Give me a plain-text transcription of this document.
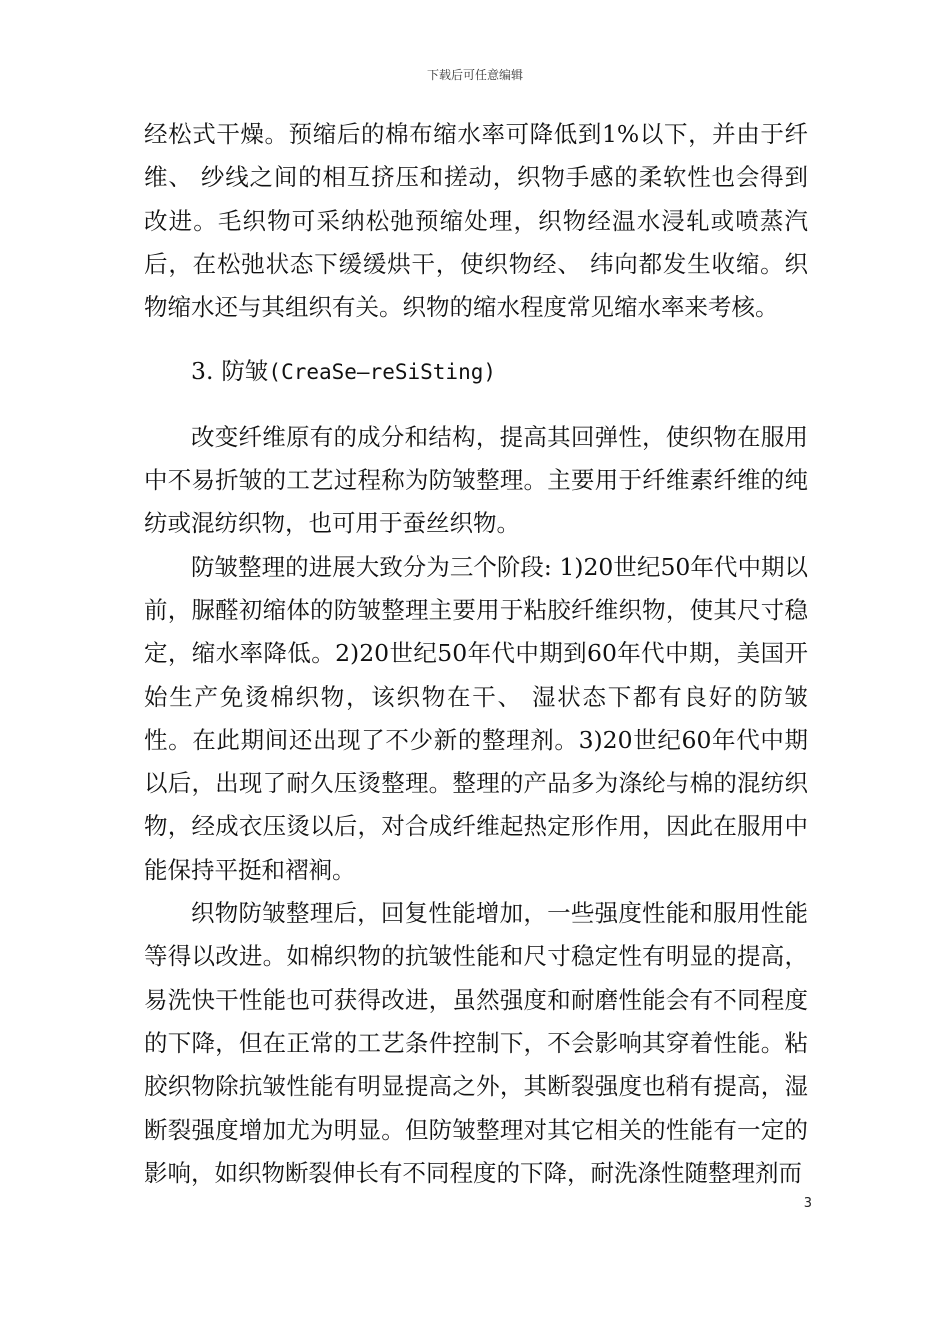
下载后可任意编辑

经松式干燥。预缩后的棉布缩水率可降低到1%以下，并由于纤维、 纱线之间的相互挤压和搓动，织物手感的柔软性也会得到改进。毛织物可采纳松弛预缩处理，织物经温水浸轧或喷蒸汽后，在松弛状态下缓缓烘干，使织物经、 纬向都发生收缩。织物缩水还与其组织有关。织物的缩水程度常见缩水率来考核。

3. 防皱(CreaSe—reSiSting)

改变纤维原有的成分和结构，提高其回弹性，使织物在服用中不易折皱的工艺过程称为防皱整理。主要用于纤维素纤维的纯纺或混纺织物，也可用于蚕丝织物。

防皱整理的进展大致分为三个阶段: 1)20世纪50年代中期以前，脲醛初缩体的防皱整理主要用于粘胶纤维织物，使其尺寸稳定，缩水率降低。2)20世纪50年代中期到60年代中期，美国开始生产免烫棉织物，该织物在干、 湿状态下都有良好的防皱性。在此期间还出现了不少新的整理剂。3)20世纪60年代中期以后，出现了耐久压烫整理。整理的产品多为涤纶与棉的混纺织物，经成衣压烫以后，对合成纤维起热定形作用，因此在服用中能保持平挺和褶裥。

织物防皱整理后，回复性能增加，一些强度性能和服用性能等得以改进。如棉织物的抗皱性能和尺寸稳定性有明显的提高，易洗快干性能也可获得改进，虽然强度和耐磨性能会有不同程度的下降，但在正常的工艺条件控制下，不会影响其穿着性能。粘胶织物除抗皱性能有明显提高之外，其断裂强度也稍有提高，湿断裂强度增加尤为明显。但防皱整理对其它相关的性能有一定的影响，如织物断裂伸长有不同程度的下降，耐洗涤性随整理剂而

3
